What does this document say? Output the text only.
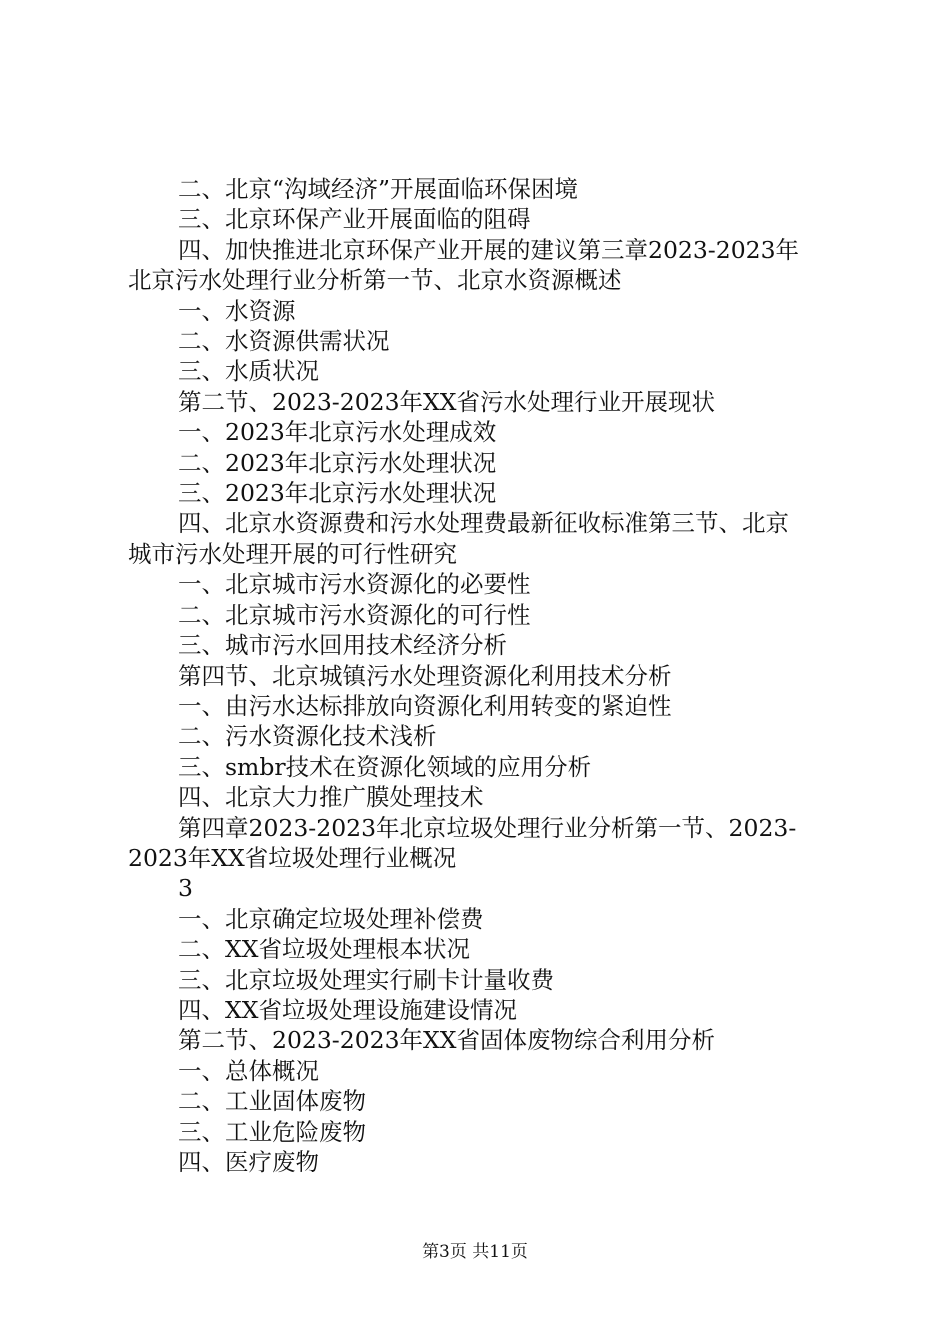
二、北京“沟域经济”开展面临环保困境
三、北京环保产业开展面临的阻碍
四、加快推进北京环保产业开展的建议第三章2023-2023年
北京污水处理行业分析第一节、北京水资源概述
一、水资源
二、水资源供需状况
三、水质状况
第二节、2023-2023年XX省污水处理行业开展现状
一、2023年北京污水处理成效
二、2023年北京污水处理状况
三、2023年北京污水处理状况
四、北京水资源费和污水处理费最新征收标准第三节、北京
城市污水处理开展的可行性研究
一、北京城市污水资源化的必要性
二、北京城市污水资源化的可行性
三、城市污水回用技术经济分析
第四节、北京城镇污水处理资源化利用技术分析
一、由污水达标排放向资源化利用转变的紧迫性
二、污水资源化技术浅析
三、smbr技术在资源化领域的应用分析
四、北京大力推广膜处理技术
第四章2023-2023年北京垃圾处理行业分析第一节、2023-
2023年XX省垃圾处理行业概况
3
一、北京确定垃圾处理补偿费
二、XX省垃圾处理根本状况
三、北京垃圾处理实行刷卡计量收费
四、XX省垃圾处理设施建设情况
第二节、2023-2023年XX省固体废物综合利用分析
一、总体概况
二、工业固体废物
三、工业危险废物
四、医疗废物
第3页 共11页
